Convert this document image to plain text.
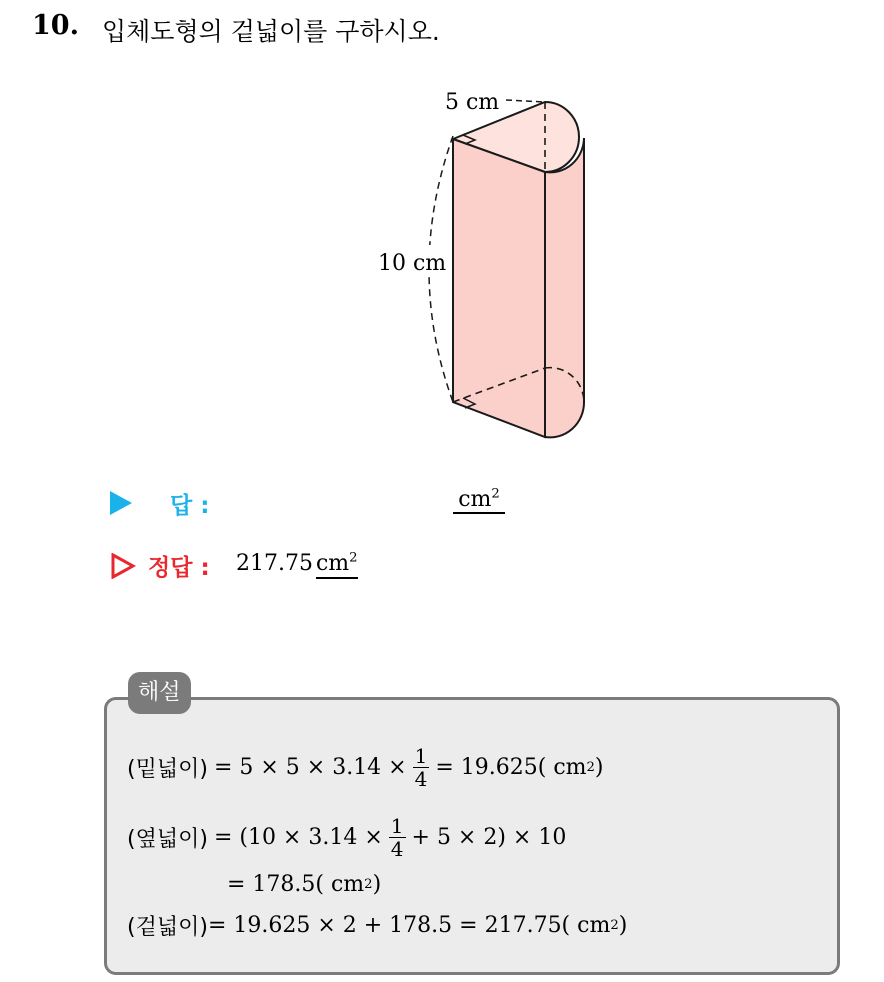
10. 입체도형의 겉넓이를 구하시오.
5 cm
10 cm
답 :	$cm^2$
정답 : 217.75 $cm^2$
(밑넓이) = $5 \times 5 \times 3.14 \times \frac{1}{4} = 19.625$( cm 2 )
(옆넓이) = $(10 \times 3.14 \times \frac{1}{4} + 5 \times 2) \times 10$
= 178.5( cm 2 )
(겉넓이) = 19.625 × 2 + 178.5 = 217.75( cm 2 )
해설
